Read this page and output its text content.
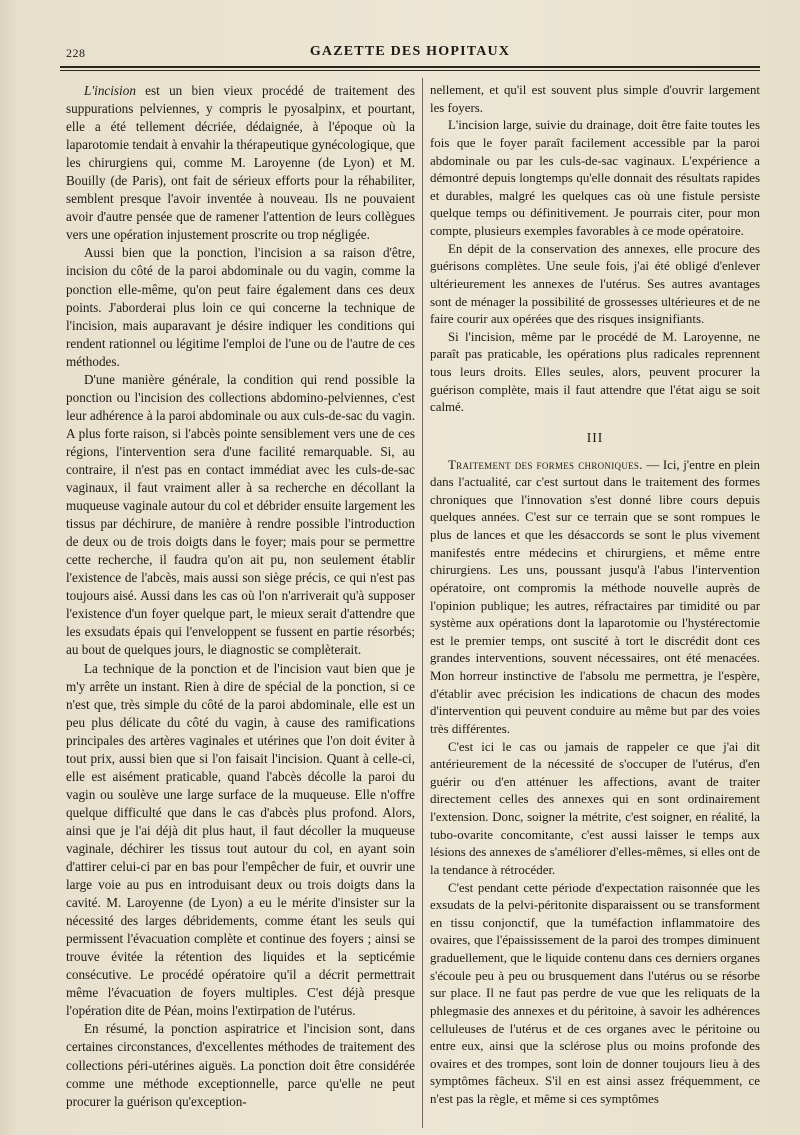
228	GAZETTE DES HOPITAUX

L'incision est un bien vieux procédé de traitement des suppurations pelviennes, y compris le pyosalpinx, et pourtant, elle a été tellement décriée, dédaignée, à l'époque où la laparotomie tendait à envahir la thérapeutique gynécologique, que les chirurgiens qui, comme M. Laroyenne (de Lyon) et M. Bouilly (de Paris), ont fait de sérieux efforts pour la réhabiliter, semblent presque l'avoir inventée à nouveau. Ils ne pouvaient avoir d'autre pensée que de ramener l'attention de leurs collègues vers une opération injustement proscrite ou trop négligée.

Aussi bien que la ponction, l'incision a sa raison d'être, incision du côté de la paroi abdominale ou du vagin, comme la ponction elle-même, qu'on peut faire également dans ces deux points. J'aborderai plus loin ce qui concerne la technique de l'incision, mais auparavant je désire indiquer les conditions qui rendent rationnel ou légitime l'emploi de l'une ou de l'autre de ces méthodes.

D'une manière générale, la condition qui rend possible la ponction ou l'incision des collections abdomino-pelviennes, c'est leur adhérence à la paroi abdominale ou aux culs-de-sac du vagin. A plus forte raison, si l'abcès pointe sensiblement vers une de ces régions, l'intervention sera d'une facilité remarquable. Si, au contraire, il n'est pas en contact immédiat avec les culs-de-sac vaginaux, il faut vraiment aller à sa recherche en décollant la muqueuse vaginale autour du col et débrider ensuite largement les tissus par déchirure, de manière à rendre possible l'introduction de deux ou de trois doigts dans le foyer; mais pour se permettre cette recherche, il faudra qu'on ait pu, non seulement établir l'existence de l'abcès, mais aussi son siège précis, ce qui n'est pas toujours aisé. Aussi dans les cas où l'on n'arriverait qu'à supposer l'existence d'un foyer quelque part, le mieux serait d'attendre que les exsudats épais qui l'enveloppent se fussent en partie résorbés; au bout de quelques jours, le diagnostic se complèterait.

La technique de la ponction et de l'incision vaut bien que je m'y arrête un instant. Rien à dire de spécial de la ponction, si ce n'est que, très simple du côté de la paroi abdominale, elle est un peu plus délicate du côté du vagin, à cause des ramifications principales des artères vaginales et utérines que l'on doit éviter à tout prix, aussi bien que si l'on faisait l'incision. Quant à celle-ci, elle est aisément praticable, quand l'abcès décolle la paroi du vagin ou soulève une large surface de la muqueuse. Elle n'offre quelque difficulté que dans le cas d'abcès plus profond. Alors, ainsi que je l'ai déjà dit plus haut, il faut décoller la muqueuse vaginale, déchirer les tissus tout autour du col, en ayant soin d'attirer celui-ci par en bas pour l'empêcher de fuir, et ouvrir une large voie au pus en introduisant deux ou trois doigts dans la cavité. M. Laroyenne (de Lyon) a eu le mérite d'insister sur la nécessité des larges débridements, comme étant les seuls qui permissent l'évacuation complète et continue des foyers ; ainsi se trouve évitée la rétention des liquides et la septicémie consécutive. Le procédé opératoire qu'il a décrit permettrait même l'évacuation de foyers multiples. C'est déjà presque l'opération dite de Péan, moins l'extirpation de l'utérus.

En résumé, la ponction aspiratrice et l'incision sont, dans certaines circonstances, d'excellentes méthodes de traitement des collections péri-utérines aiguës. La ponction doit être considérée comme une méthode exceptionnelle, parce qu'elle ne peut procurer la guérison qu'exception-

nellement, et qu'il est souvent plus simple d'ouvrir largement les foyers.

L'incision large, suivie du drainage, doit être faite toutes les fois que le foyer paraît facilement accessible par la paroi abdominale ou par les culs-de-sac vaginaux. L'expérience a démontré depuis longtemps qu'elle donnait des résultats rapides et durables, malgré les quelques cas où une fistule persiste quelque temps ou définitivement. Je pourrais citer, pour mon compte, plusieurs exemples favorables à ce mode opératoire.

En dépit de la conservation des annexes, elle procure des guérisons complètes. Une seule fois, j'ai été obligé d'enlever ultérieurement les annexes de l'utérus. Ses autres avantages sont de ménager la possibilité de grossesses ultérieures et de ne faire courir aux opérées que des risques insignifiants.

Si l'incision, même par le procédé de M. Laroyenne, ne paraît pas praticable, les opérations plus radicales reprennent tous leurs droits. Elles seules, alors, peuvent procurer la guérison complète, mais il faut attendre que l'état aigu se soit calmé.

III

Traitement des formes chroniques. — Ici, j'entre en plein dans l'actualité, car c'est surtout dans le traitement des formes chroniques que l'innovation s'est donné libre cours depuis quelques années. C'est sur ce terrain que se sont rompues le plus de lances et que les désaccords se sont le plus vivement manifestés entre médecins et chirurgiens, et même entre chirurgiens. Les uns, poussant jusqu'à l'abus l'intervention opératoire, ont compromis la méthode nouvelle auprès de l'opinion publique; les autres, réfractaires par timidité ou par système aux opérations dont la laparotomie ou l'hystérectomie est le premier temps, ont suscité à tort le discrédit dont ces grandes interventions, souvent nécessaires, ont été menacées. Mon horreur instinctive de l'absolu me permettra, je l'espère, d'établir avec précision les indications de chacun des modes d'intervention qui peuvent conduire au même but par des voies très différentes.

C'est ici le cas ou jamais de rappeler ce que j'ai dit antérieurement de la nécessité de s'occuper de l'utérus, d'en guérir ou d'en atténuer les affections, avant de traiter directement celles des annexes qui en sont ordinairement l'extension. Donc, soigner la métrite, c'est soigner, en réalité, la tubo-ovarite concomitante, c'est aussi laisser le temps aux lésions des annexes de s'améliorer d'elles-mêmes, si elles ont de la tendance à rétrocéder.

C'est pendant cette période d'expectation raisonnée que les exsudats de la pelvi-péritonite disparaissent ou se transforment en tissu conjonctif, que la tuméfaction inflammatoire des ovaires, que l'épaississement de la paroi des trompes diminuent graduellement, que le liquide contenu dans ces derniers organes s'écoule peu à peu ou brusquement dans l'utérus ou se résorbe sur place. Il ne faut pas perdre de vue que les reliquats de la phlegmasie des annexes et du péritoine, à savoir les adhérences celluleuses de l'utérus et de ces organes avec le péritoine ou entre eux, ainsi que la sclérose plus ou moins profonde des ovaires et des trompes, sont loin de donner toujours lieu à des symptômes fâcheux. S'il en est ainsi assez fréquemment, ce n'est pas la règle, et même si ces symptômes
